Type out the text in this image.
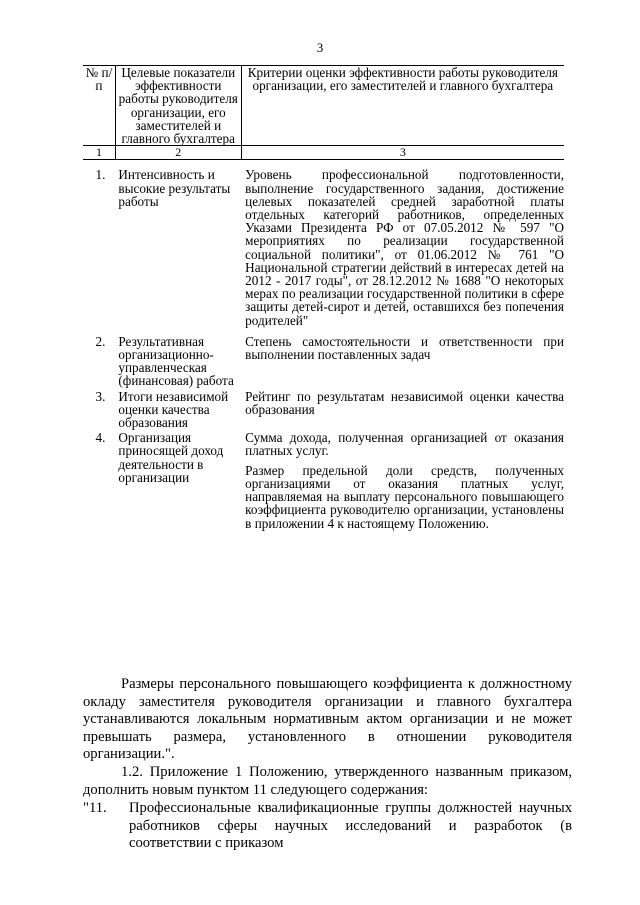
3
№ п/п	Целевые показатели эффективности работы руководителя организации, его заместителей и главного бухгалтера	Критерии оценки эффективности работы руководителя организации, его заместителей и главного бухгалтера
1	2	3
1.	Интенсивность и высокие результаты работы	Уровень профессиональной подготовленности, выполнение государственного задания, достижение целевых показателей средней заработной платы отдельных категорий работников, определенных Указами Президента РФ от 07.05.2012 № 597 "О мероприятиях по реализации государственной социальной политики", от 01.06.2012 № 761 "О Национальной стратегии действий в интересах детей на 2012 - 2017 годы", от 28.12.2012 № 1688 "О некоторых мерах по реализации государственной политики в сфере защиты детей-сирот и детей, оставшихся без попечения родителей"

2.	Результативная организационно-управленческая (финансовая) работа	Степень самостоятельности и ответственности при выполнении поставленных задач

3.	Итоги независимой оценки качества образования	Рейтинг по результатам независимой оценки качества образования

4.	Организация приносящей доход деятельности в организации	Сумма дохода, полученная организацией от оказания платных услуг.

Размер предельной доли средств, полученных организациями от оказания платных услуг, направляемая на выплату персонального повышающего коэффициента руководителю организации, установлены в приложении 4 к настоящему Положению.

Размеры персонального повышающего коэффициента к должностному окладу заместителя руководителя организации и главного бухгалтера устанавливаются локальным нормативным актом организации и не может превышать размера, установленного в отношении руководителя организации.".

1.2. Приложение 1 Положению, утвержденного названным приказом, дополнить новым пунктом 11 следующего содержания:

"11.	Профессиональные квалификационные группы должностей научных работников сферы научных исследований и разработок (в соответствии с приказом
